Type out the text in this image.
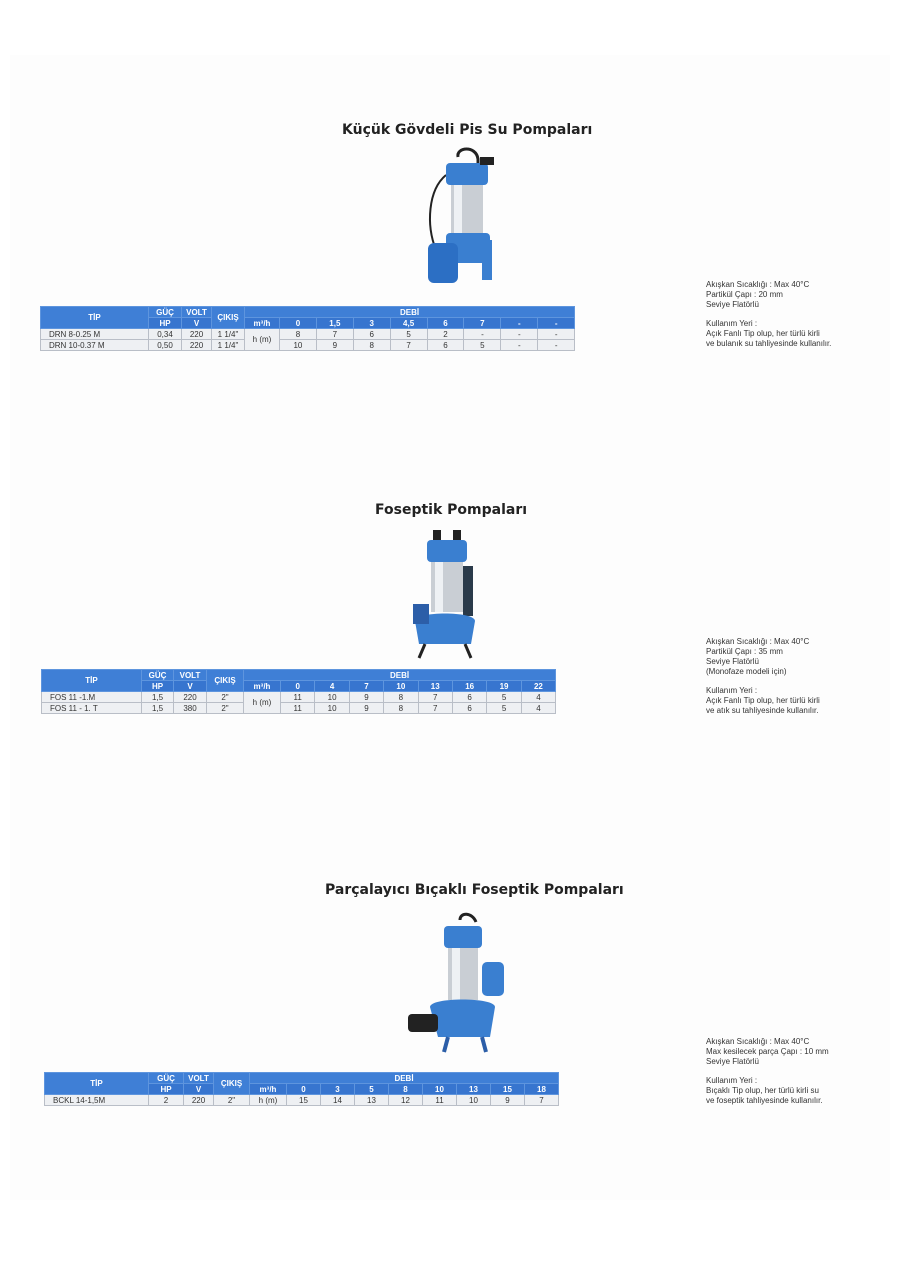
Küçük Gövdeli Pis Su Pompaları
TİP	GÜÇ	VOLT	ÇIKIŞ	DEBİ								
	HP	V		m³/h	0	1,5	3	4,5	6	7	-	-
DRN 8-0.25 M	0,34	220	1 1/4"	h (m)	8	7	6	5	2	-	-	-
DRN 10-0.37 M	0,50	220	1 1/4"		10	9	8	7	6	5	-	-

Akışkan Sıcaklığı : Max 40°C

Partikül Çapı : 20 mm

Seviye Flatörlü

Kullanım Yeri :

Açık Fanlı Tip olup, her türlü kirli

ve bulanık su tahliyesinde kullanılır.

Foseptik Pompaları
TİP	GÜÇ	VOLT	ÇIKIŞ	DEBİ								
	HP	V		m³/h	0	4	7	10	13	16	19	22
FOS 11 -1.M	1,5	220	2"	h (m)	11	10	9	8	7	6	5	4
FOS 11 - 1. T	1,5	380	2"		11	10	9	8	7	6	5	4

Akışkan Sıcaklığı : Max 40°C

Partikül Çapı : 35 mm

Seviye Flatörlü

(Monofaze modeli için)

Kullanım Yeri :

Açık Fanlı Tip olup, her türlü kirli

ve atık su tahliyesinde kullanılır.

Parçalayıcı Bıçaklı Foseptik Pompaları
TİP	GÜÇ	VOLT	ÇIKIŞ	DEBİ								
	HP	V		m³/h	0	3	5	8	10	13	15	18
BCKL 14-1,5M	2	220	2"	h (m)	15	14	13	12	11	10	9	7

Akışkan Sıcaklığı : Max 40°C

Max kesilecek parça Çapı : 10 mm

Seviye Flatörlü

Kullanım Yeri :

Bıçaklı Tip olup, her türlü kirli su

ve foseptik tahliyesinde kullanılır.
